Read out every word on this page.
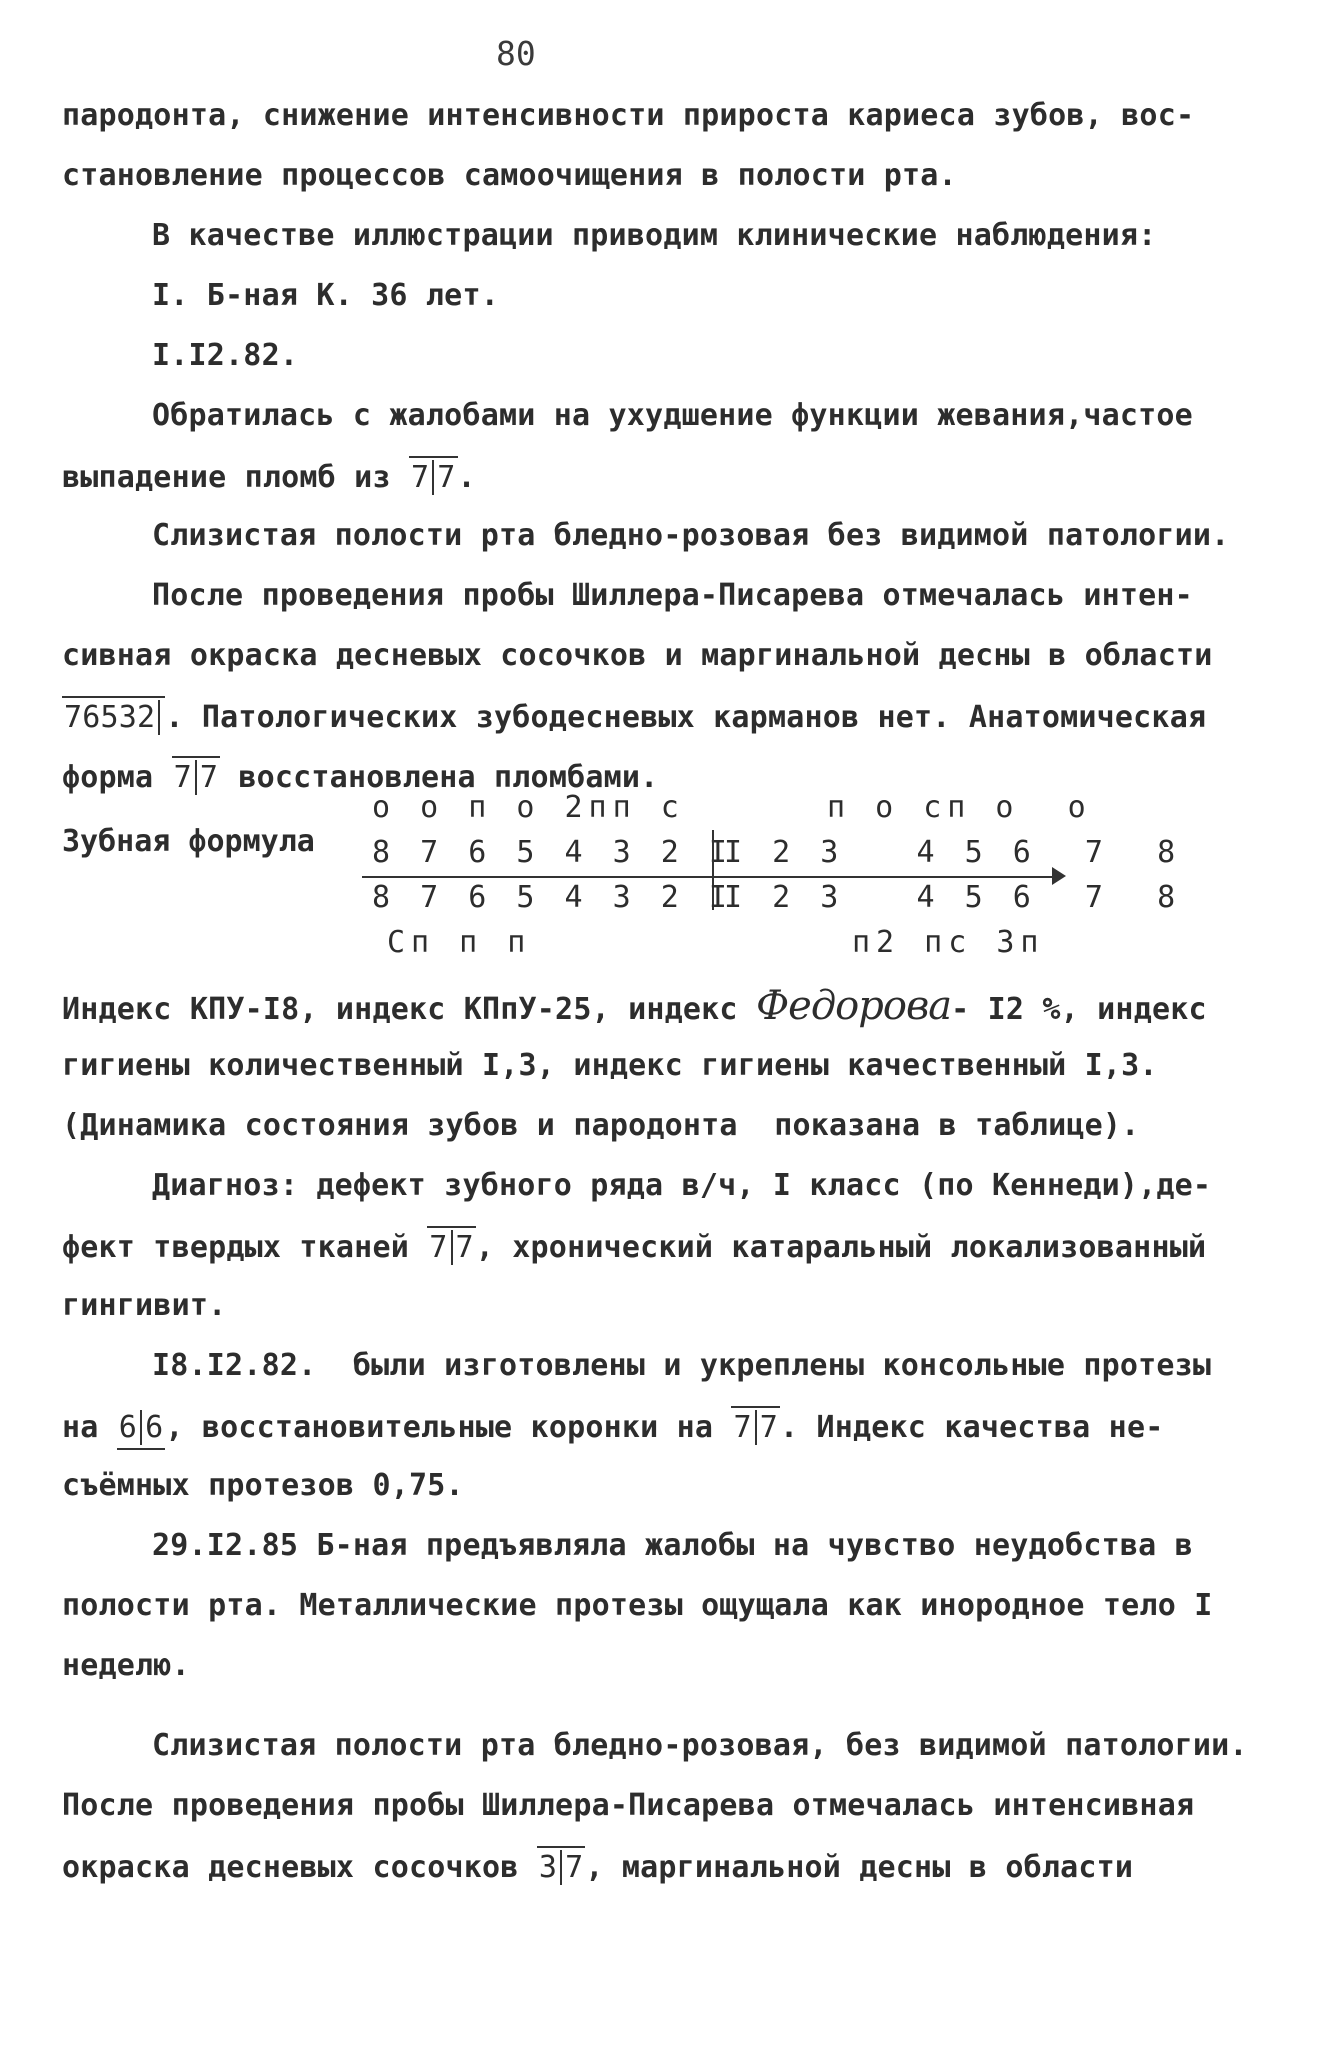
80
пародонта, снижение интенсивности прироста кариеса зубов, вос-
становление процессов самоочищения в полости рта.
В качестве иллюстрации приводим клинические наблюдения:
I. Б-ная К. 36 лет.
I.I2.82.
Обратилась с жалобами на ухудшение функции жевания,частое
выпадение пломб из 7 7.
Слизистая полости рта бледно-розовая без видимой патологии.
После проведения пробы Шиллера-Писарева отмечалась интен-
сивная окраска десневых сосочков и маргинальной десны в области
76532 . Патологических зубодесневых карманов нет. Анатомическая
форма 7 7 восстановлена пломбами.
Зубная формула
о о п о 2пп с	п о сп о  о
8 7 6 5 4 3 2 I
I 2 3   4 5 6  7  8
8 7 6 5 4 3 2 I
I 2 3   4 5 6  7  8
Сп п п	п2 пс 3п
Индекс КПУ-I8, индекс КПпУ-25, индекс Федорова- I2 %, индекс
гигиены количественный I,3, индекс гигиены качественный I,3.
(Динамика состояния зубов и пародонта  показана в таблице).
Диагноз: дефект зубного ряда в/ч, I класс (по Кеннеди),де-
фект твердых тканей 7 7, хронический катаральный локализованный
гингивит.
I8.I2.82.  были изготовлены и укреплены консольные протезы
на 6 6, восстановительные коронки на 7 7. Индекс качества не-
съёмных протезов 0,75.
29.I2.85 Б-ная предъявляла жалобы на чувство неудобства в
полости рта. Металлические протезы ощущала как инородное тело I
неделю.
Слизистая полости рта бледно-розовая, без видимой патологии.
После проведения пробы Шиллера-Писарева отмечалась интенсивная
окраска десневых сосочков 3 7, маргинальной десны в области
